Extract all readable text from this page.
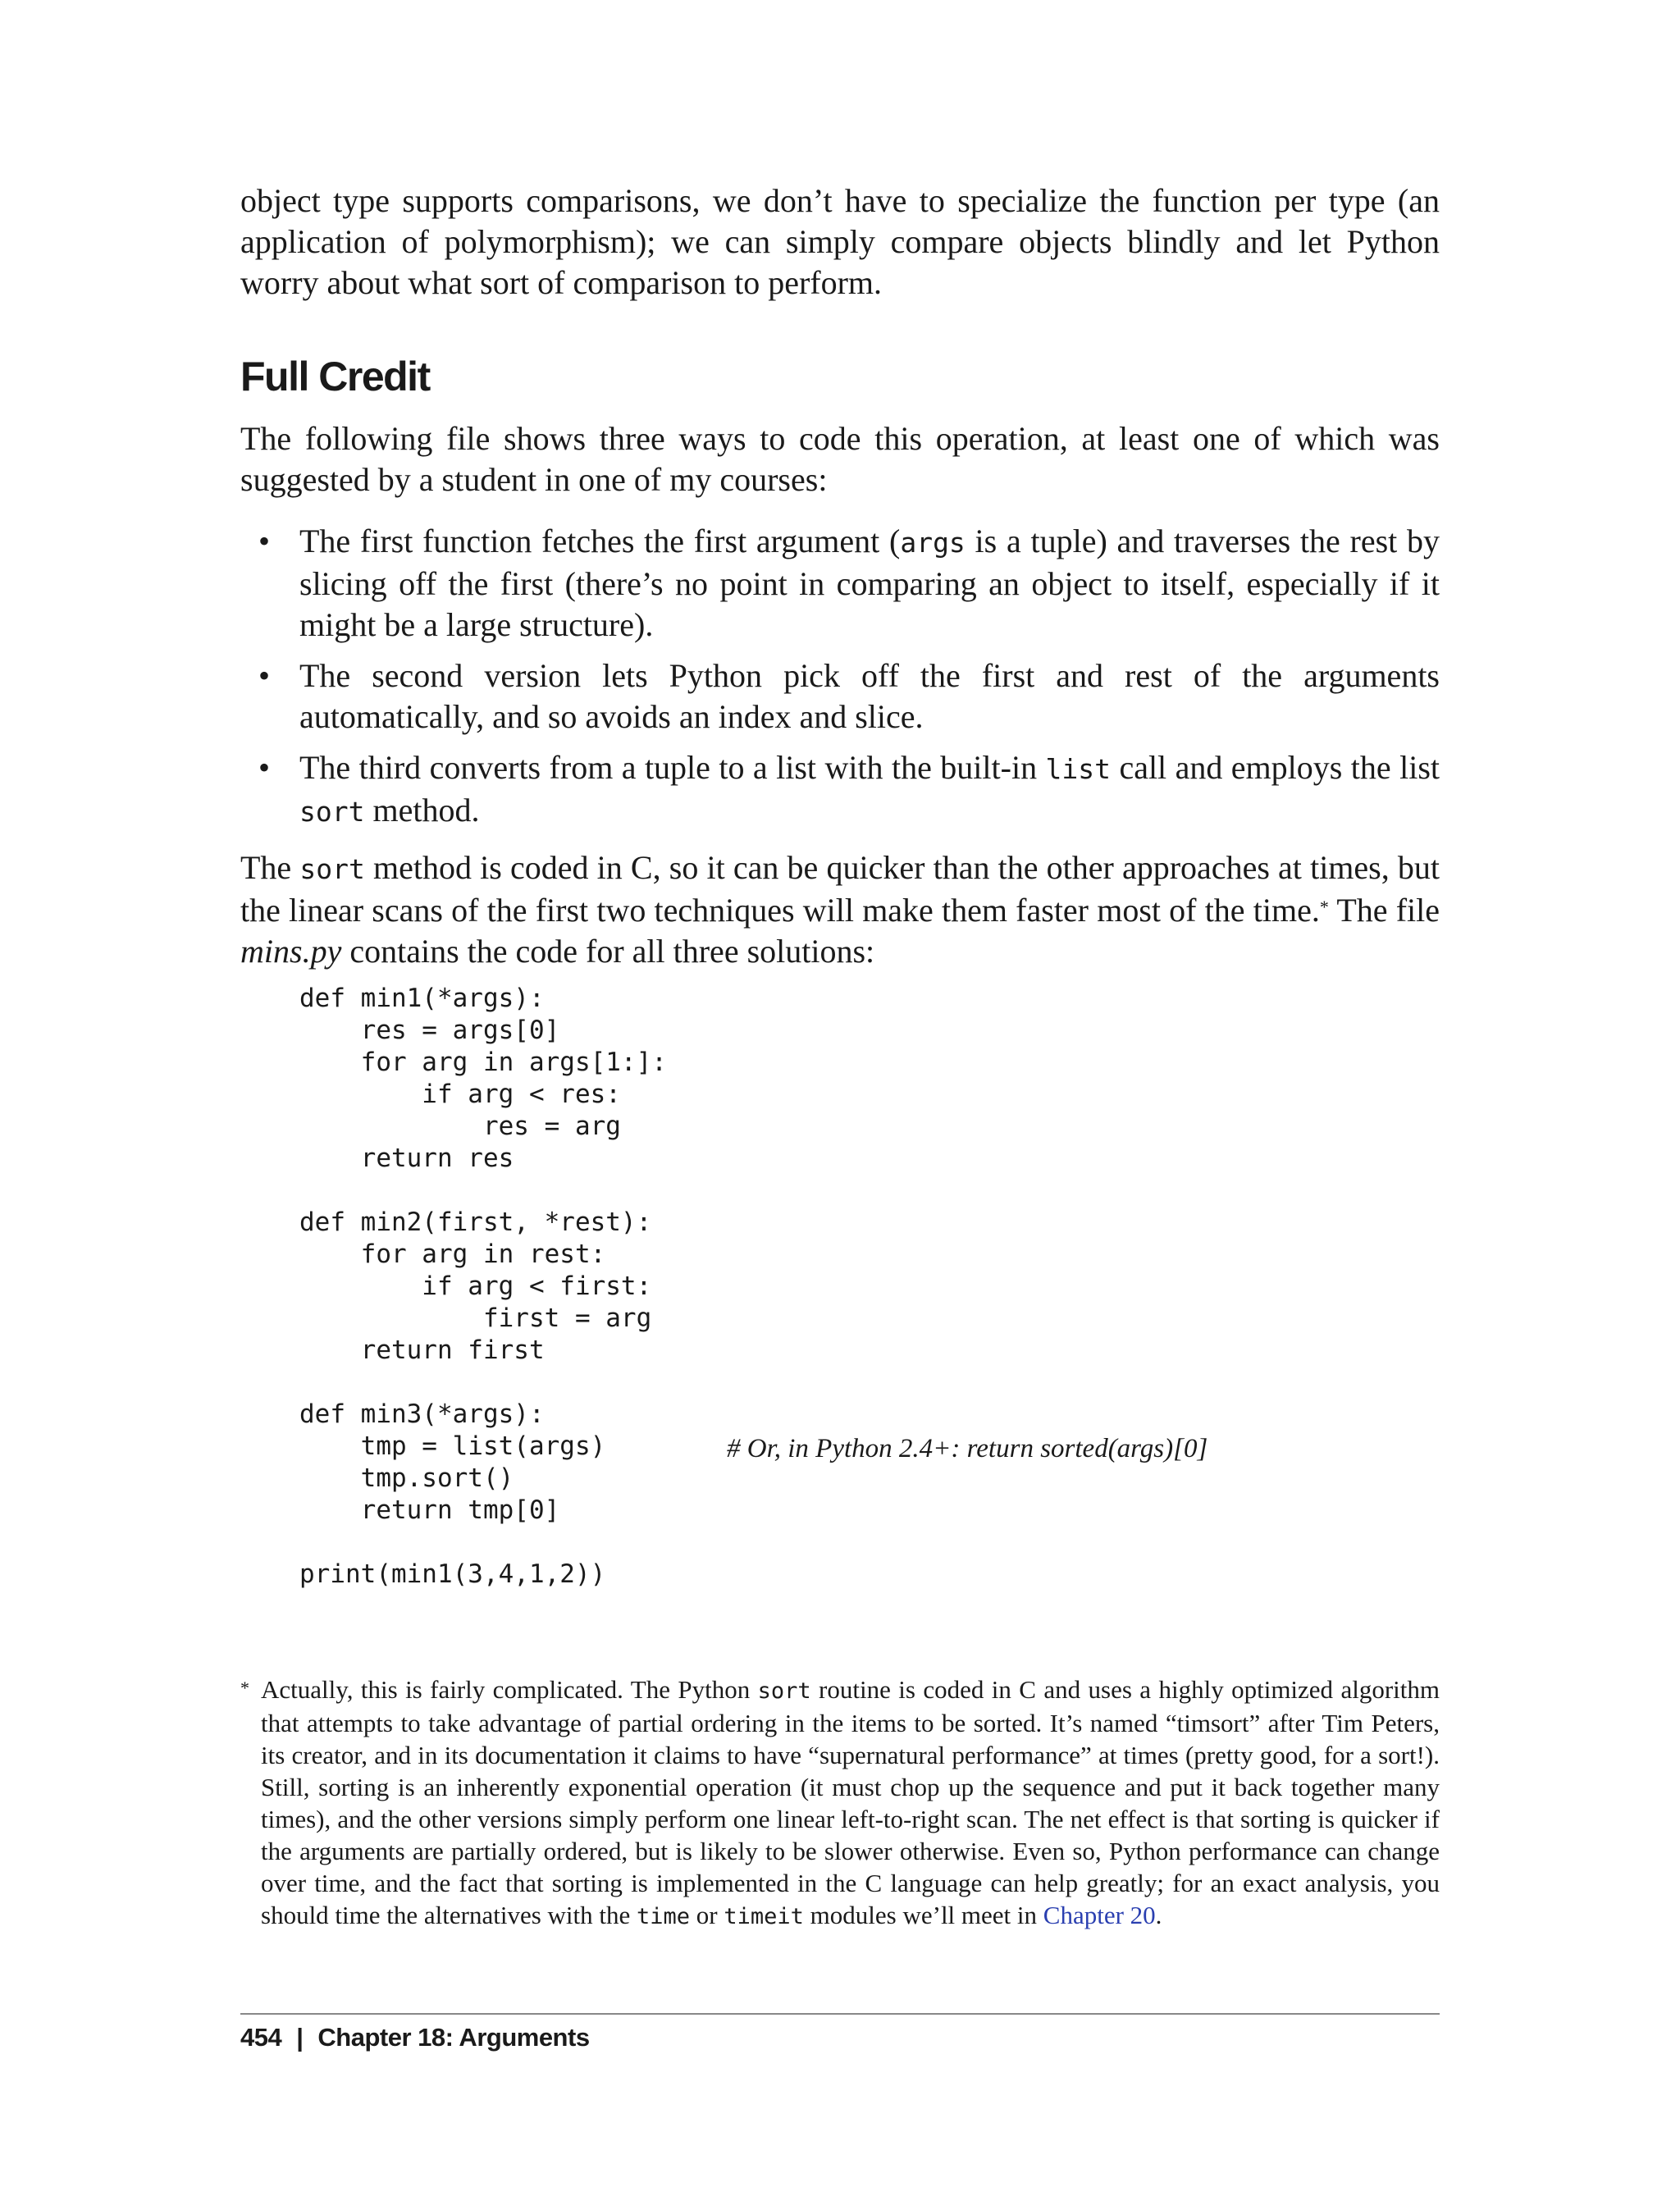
object type supports comparisons, we don’t have to specialize the function per type (an application of polymorphism); we can simply compare objects blindly and let Python worry about what sort of comparison to perform.

Full Credit

The following file shows three ways to code this operation, at least one of which was suggested by a student in one of my courses:

• The first function fetches the first argument (args is a tuple) and traverses the rest by slicing off the first (there’s no point in comparing an object to itself, especially if it might be a large structure).
• The second version lets Python pick off the first and rest of the arguments automatically, and so avoids an index and slice.
• The third converts from a tuple to a list with the built-in list call and employs the list sort method.

The sort method is coded in C, so it can be quicker than the other approaches at times, but the linear scans of the first two techniques will make them faster most of the time.* The file mins.py contains the code for all three solutions:

def min1(*args):
res = args[0]
for arg in args[1:]:
if arg < res:
res = arg
return res

def min2(first, *rest):
for arg in rest:
if arg < first:
first = arg
return first

def min3(*args):
tmp = list(args)
tmp.sort()
return tmp[0]

print(min1(3,4,1,2))
# Or, in Python 2.4+: return sorted(args)[0]
* Actually, this is fairly complicated. The Python sort routine is coded in C and uses a highly optimized algorithm that attempts to take advantage of partial ordering in the items to be sorted. It’s named “timsort” after Tim Peters, its creator, and in its documentation it claims to have “supernatural performance” at times (pretty good, for a sort!). Still, sorting is an inherently exponential operation (it must chop up the sequence and put it back together many times), and the other versions simply perform one linear left-to-right scan. The net effect is that sorting is quicker if the arguments are partially ordered, but is likely to be slower otherwise. Even so, Python performance can change over time, and the fact that sorting is implemented in the C language can help greatly; for an exact analysis, you should time the alternatives with the time or timeit modules we’ll meet in Chapter 20.
454 | Chapter 18: Arguments
